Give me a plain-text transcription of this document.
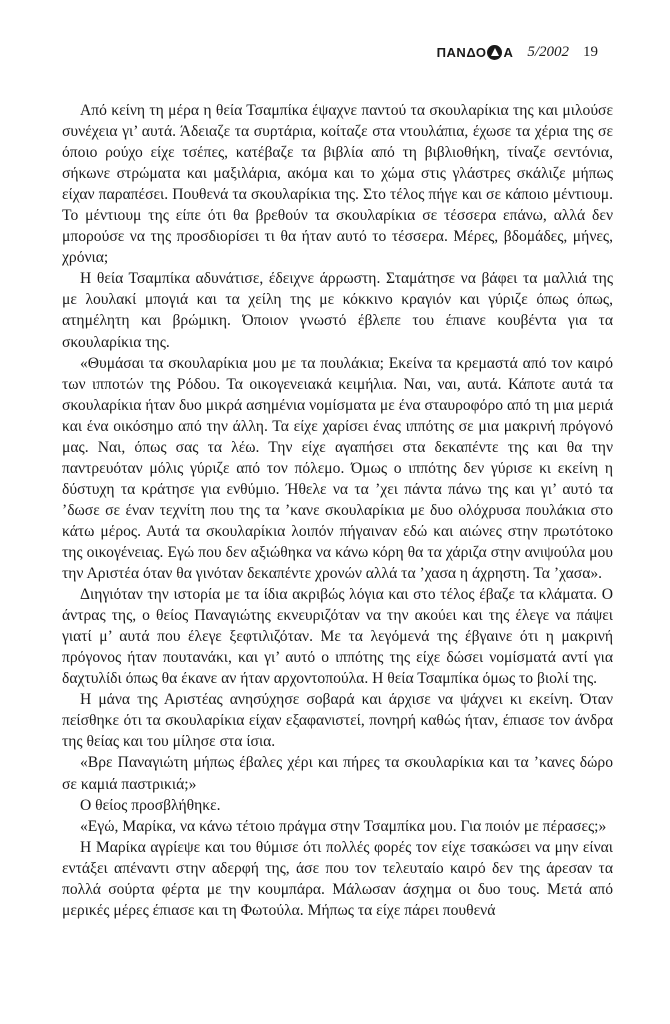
ΠΑΝΔΟ A 5/2002 19

Από κείνη τη μέρα η θεία Τσαμπίκα έψαχνε παντού τα σκουλαρίκια της και μιλούσε συνέχεια γι’ αυτά. Άδειαζε τα συρτάρια, κοίταζε στα ντουλάπια, έχωσε τα χέρια της σε όποιο ρούχο είχε τσέπες, κατέβαζε τα βιβλία από τη βιβλιοθήκη, τίναζε σεντόνια, σήκωνε στρώματα και μαξιλάρια, ακόμα και το χώμα στις γλάστρες σκάλιζε μήπως είχαν παραπέσει. Πουθενά τα σκουλαρίκια της. Στο τέλος πήγε και σε κάποιο μέντιουμ. Το μέντιουμ της είπε ότι θα βρεθούν τα σκουλαρίκια σε τέσσερα επάνω, αλλά δεν μπορούσε να της προσδιορίσει τι θα ήταν αυτό το τέσσερα. Μέρες, βδομάδες, μήνες, χρόνια;

Η θεία Τσαμπίκα αδυνάτισε, έδειχνε άρρωστη. Σταμάτησε να βάφει τα μαλλιά της με λουλακί μπογιά και τα χείλη της με κόκκινο κραγιόν και γύριζε όπως όπως, ατημέλητη και βρώμικη. Όποιον γνωστό έβλεπε του έπιανε κουβέντα για τα σκουλαρίκια της.

«Θυμάσαι τα σκουλαρίκια μου με τα πουλάκια; Εκείνα τα κρεμαστά από τον καιρό των ιπποτών της Ρόδου. Τα οικογενειακά κειμήλια. Ναι, ναι, αυτά. Κάποτε αυτά τα σκουλαρίκια ήταν δυο μικρά ασημένια νομίσματα με ένα σταυροφόρο από τη μια μεριά και ένα οικόσημο από την άλλη. Τα είχε χαρίσει ένας ιππότης σε μια μακρινή πρόγονό μας. Ναι, όπως σας τα λέω. Την είχε αγαπήσει στα δεκαπέντε της και θα την παντρευόταν μόλις γύριζε από τον πόλεμο. Όμως ο ιππότης δεν γύρισε κι εκείνη η δύστυχη τα κράτησε για ενθύμιο. Ήθελε να τα ’χει πάντα πάνω της και γι’ αυτό τα ’δωσε σε έναν τεχνίτη που της τα ’κανε σκουλαρίκια με δυο ολόχρυσα πουλάκια στο κάτω μέρος. Αυτά τα σκουλαρίκια λοιπόν πήγαιναν εδώ και αιώνες στην πρωτότοκο της οικογένειας. Εγώ που δεν αξιώθηκα να κάνω κόρη θα τα χάριζα στην ανιψούλα μου την Αριστέα όταν θα γινόταν δεκαπέντε χρονών αλλά τα ’χασα η άχρηστη. Τα ’χασα».

Διηγιόταν την ιστορία με τα ίδια ακριβώς λόγια και στο τέλος έβαζε τα κλάματα. Ο άντρας της, ο θείος Παναγιώτης εκνευριζόταν να την ακούει και της έλεγε να πάψει γιατί μ’ αυτά που έλεγε ξεφτιλιζόταν. Με τα λεγόμενά της έβγαινε ότι η μακρινή πρόγονος ήταν πουτανάκι, και γι’ αυτό ο ιππότης της είχε δώσει νομίσματά αντί για δαχτυλίδι όπως θα έκανε αν ήταν αρχοντοπούλα. Η θεία Τσαμπίκα όμως το βιολί της.

Η μάνα της Αριστέας ανησύχησε σοβαρά και άρχισε να ψάχνει κι εκείνη. Όταν πείσθηκε ότι τα σκουλαρίκια είχαν εξαφανιστεί, πονηρή καθώς ήταν, έπιασε τον άνδρα της θείας και του μίλησε στα ίσια.

«Βρε Παναγιώτη μήπως έβαλες χέρι και πήρες τα σκουλαρίκια και τα ’κανες δώρο σε καμιά παστρικιά;»

Ο θείος προσβλήθηκε.

«Εγώ, Μαρίκα, να κάνω τέτοιο πράγμα στην Τσαμπίκα μου. Για ποιόν με πέρασες;»

Η Μαρίκα αγρίεψε και του θύμισε ότι πολλές φορές τον είχε τσακώσει να μην είναι εντάξει απέναντι στην αδερφή της, άσε που τον τελευταίο καιρό δεν της άρεσαν τα πολλά σούρτα φέρτα με την κουμπάρα. Μάλωσαν άσχημα οι δυο τους. Μετά από μερικές μέρες έπιασε και τη Φωτούλα. Μήπως τα είχε πάρει πουθενά
